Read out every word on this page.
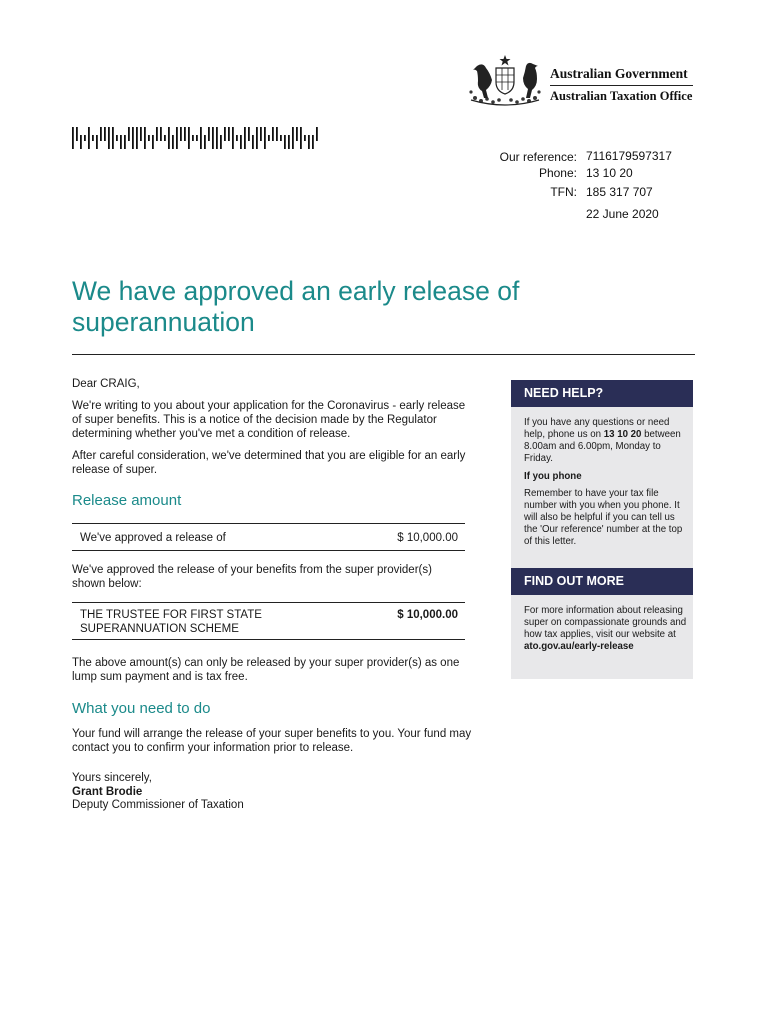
Australian Government
Australian Taxation Office
Our reference: 7116179597317
Phone: 13 10 20
TFN: 185 317 707
22 June 2020
We have approved an early release of superannuation
Dear CRAIG,
We're writing to you about your application for the Coronavirus - early release of super benefits. This is a notice of the decision made by the Regulator determining whether you've met a condition of release.
After careful consideration, we've determined that you are eligible for an early release of super.
Release amount
We've approved a release of	$ 10,000.00
We've approved the release of your benefits from the super provider(s) shown below:
THE TRUSTEE FOR FIRST STATE SUPERANNUATION SCHEME
$ 10,000.00
The above amount(s) can only be released by your super provider(s) as one lump sum payment and is tax free.
What you need to do
Your fund will arrange the release of your super benefits to you. Your fund may contact you to confirm your information prior to release.
Yours sincerely,
Grant Brodie
Deputy Commissioner of Taxation
NEED HELP?
If you have any questions or need help, phone us on 13 10 20 between 8.00am and 6.00pm, Monday to Friday.
If you phone
Remember to have your tax file number with you when you phone. It will also be helpful if you can tell us the 'Our reference' number at the top of this letter.
FIND OUT MORE
For more information about releasing super on compassionate grounds and how tax applies, visit our website at ato.gov.au/early-release
